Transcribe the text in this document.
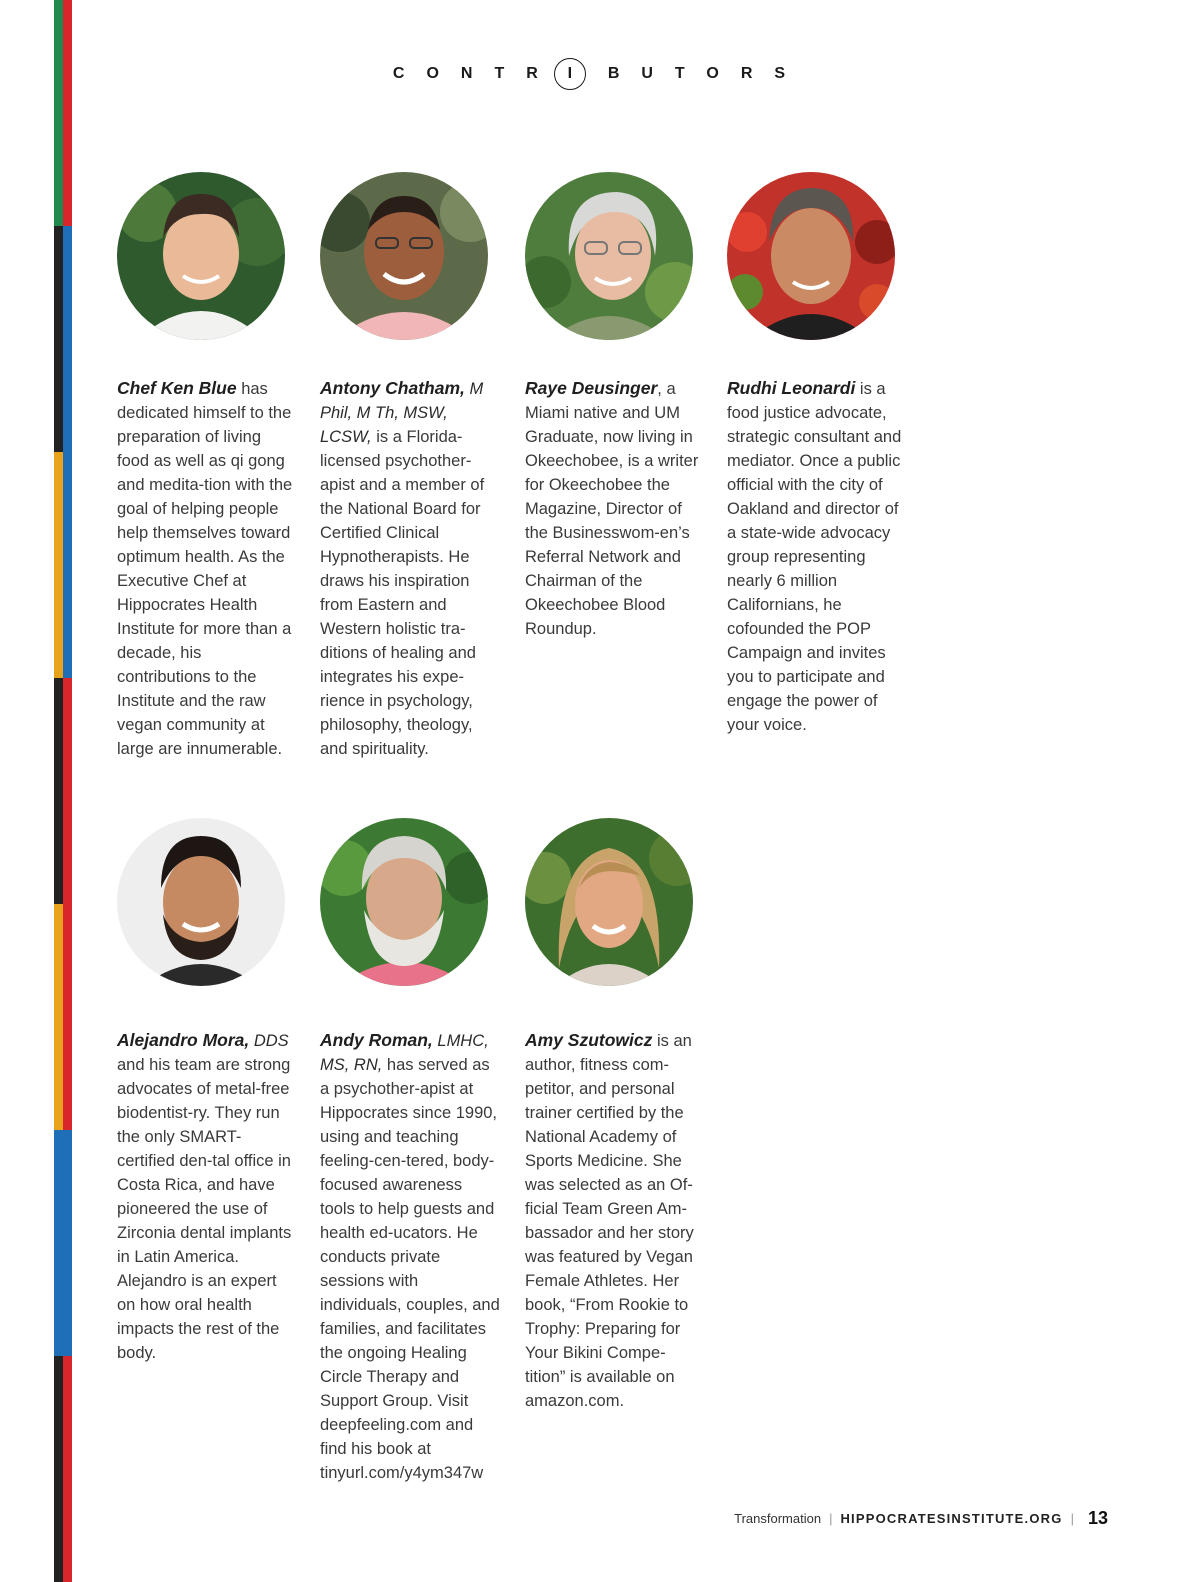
CONTR I BUTORS
Chef Ken Blue has dedicated himself to the preparation of living food as well as qi gong and medita-tion with the goal of helping people help themselves toward optimum health. As the Executive Chef at Hippocrates Health Institute for more than a decade, his contributions to the Institute and the raw vegan community at large are innumerable.
Antony Chatham, M Phil, M Th, MSW, LCSW, is a Florida-licensed psychother-apist and a member of the National Board for Certified Clinical Hypnotherapists. He draws his inspiration from Eastern and Western holistic tra-ditions of healing and integrates his expe-rience in psychology, philosophy, theology, and spirituality.
Raye Deusinger, a Miami native and UM Graduate, now living in Okeechobee, is a writer for Okeechobee the Magazine, Director of the Businesswom-en’s Referral Network and Chairman of the Okeechobee Blood Roundup.
Rudhi Leonardi is a food justice advocate, strategic consultant and mediator. Once a public official with the city of Oakland and director of a state-wide advocacy group representing nearly 6 million Californians, he cofounded the POP Campaign and invites you to participate and engage the power of your voice.
Alejandro Mora, DDS and his team are strong advocates of metal-free biodentist-ry. They run the only SMART-certified den-tal office in Costa Rica, and have pioneered the use of Zirconia dental implants in Latin America. Alejandro is an expert on how oral health impacts the rest of the body.
Andy Roman, LMHC, MS, RN, has served as a psychother-apist at Hippocrates since 1990, using and teaching feeling-cen-tered, body-focused awareness tools to help guests and health ed-ucators. He conducts private sessions with individuals, couples, and families, and facilitates the ongoing Healing Circle Therapy and Support Group. Visit deepfeeling.com and find his book at tinyurl.com/y4ym347w
Amy Szutowicz is an author, fitness com-petitor, and personal trainer certified by the National Academy of Sports Medicine. She was selected as an Of-ficial Team Green Am-bassador and her story was featured by Vegan Female Athletes. Her book, “From Rookie to Trophy: Preparing for Your Bikini Compe-tition” is available on amazon.com.
Transformation | HIPPOCRATESINSTITUTE.ORG | 13
